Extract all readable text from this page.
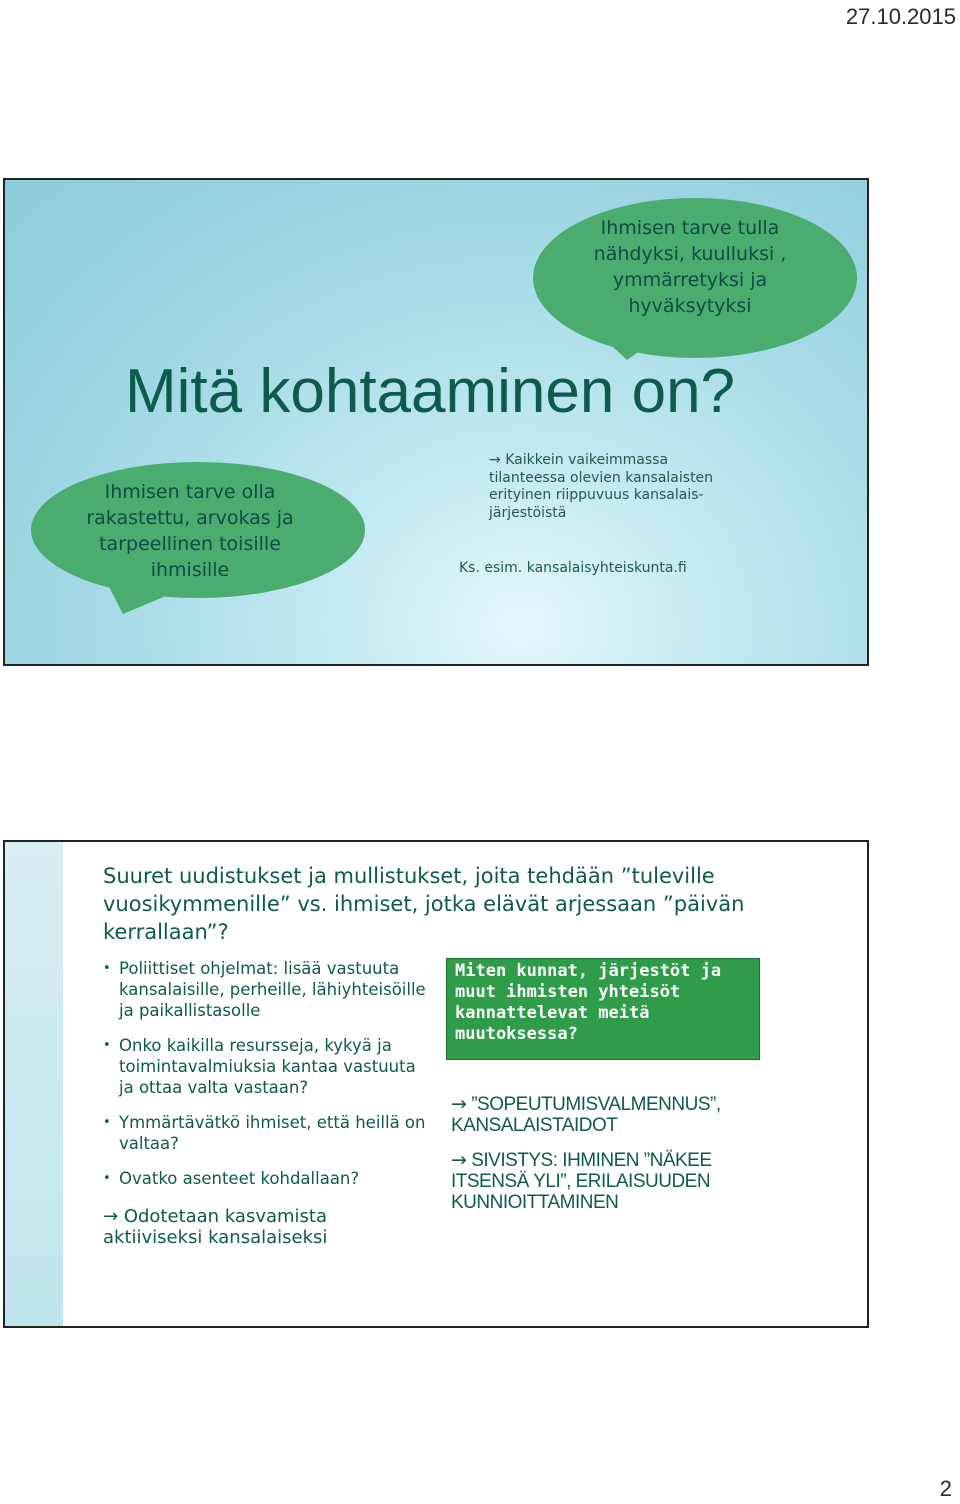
27.10.2015
Ihmisen tarve tulla nähdyksi, kuulluksi , ymmärretyksi ja hyväksytyksi
Ihmisen tarve olla rakastettu, arvokas ja tarpeellinen toisille ihmisille
Mitä kohtaaminen on?
→ Kaikkein vaikeimmassa tilanteessa olevien kansalaisten erityinen riippuvuus kansalais- järjestöistä
Ks. esim. kansalaisyhteiskunta.fi
Suuret uudistukset ja mullistukset, joita tehdään ”tuleville vuosikymmenille” vs. ihmiset, jotka elävät arjessaan ”päivän kerrallaan”?
• Poliittiset ohjelmat: lisää vastuuta kansalaisille, perheille, lähiyhteisöille ja paikallistasolle
• Onko kaikilla resursseja, kykyä ja toimintavalmiuksia kantaa vastuuta ja ottaa valta vastaan?
• Ymmärtävätkö ihmiset, että heillä on valtaa?
• Ovatko asenteet kohdallaan?
→ Odotetaan kasvamista aktiiviseksi kansalaiseksi
Miten kunnat, järjestöt ja muut ihmisten yhteisöt kannattelevat meitä muutoksessa?
→ ”SOPEUTUMISVALMENNUS”, KANSALAISTAIDOT
→ SIVISTYS: IHMINEN ”NÄKEE ITSENSÄ YLI”, ERILAISUUDEN KUNNIOITTAMINEN
2
